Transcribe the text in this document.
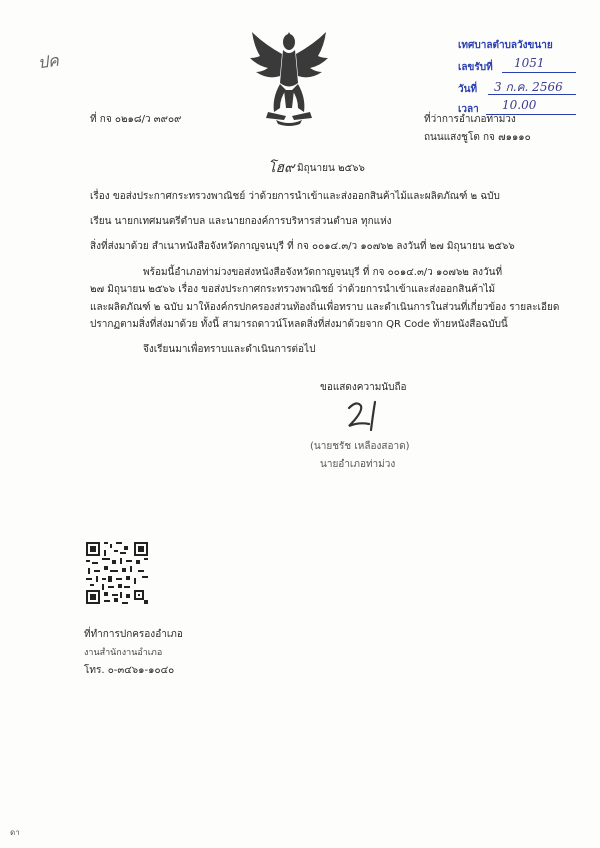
ปค
เทศบาลตำบลวังขนาย
เลขรับที่ 1051
วันที่ 3 ก.ค. 2566
เวลา 10.00
ที่ กจ ๐๒๑๘/ว ๓๙๐๙	ที่ว่าการอำเภอท่าม่วง
ถนนแสงชูโต กจ ๗๑๑๑๐
โฮ๙ มิถุนายน ๒๕๖๖
เรื่อง ขอส่งประกาศกระทรวงพาณิชย์ ว่าด้วยการนำเข้าและส่งออกสินค้าไม้และผลิตภัณฑ์ ๒ ฉบับ
เรียน นายกเทศมนตรีตำบล และนายกองค์การบริหารส่วนตำบล ทุกแห่ง
สิ่งที่ส่งมาด้วย สำเนาหนังสือจังหวัดกาญจนบุรี ที่ กจ ๐๐๑๔.๓/ว ๑๐๗๖๒ ลงวันที่ ๒๗ มิถุนายน ๒๕๖๖
พร้อมนี้อำเภอท่าม่วงขอส่งหนังสือจังหวัดกาญจนบุรี ที่ กจ ๐๐๑๔.๓/ว ๑๐๗๖๒ ลงวันที่
๒๗ มิถุนายน ๒๕๖๖ เรื่อง ขอส่งประกาศกระทรวงพาณิชย์ ว่าด้วยการนำเข้าและส่งออกสินค้าไม้
และผลิตภัณฑ์ ๒ ฉบับ มาให้องค์กรปกครองส่วนท้องถิ่นเพื่อทราบ และดำเนินการในส่วนที่เกี่ยวข้อง รายละเอียด
ปรากฏตามสิ่งที่ส่งมาด้วย ทั้งนี้ สามารถดาวน์โหลดสิ่งที่ส่งมาด้วยจาก QR Code ท้ายหนังสือฉบับนี้
จึงเรียนมาเพื่อทราบและดำเนินการต่อไป
ขอแสดงความนับถือ
(นายชรัช เหลืองสอาด)
นายอำเภอท่าม่วง
ที่ทำการปกครองอำเภอ
งานสำนักงานอำเภอ
โทร. ๐-๓๔๖๑-๑๐๔๐
ดา
